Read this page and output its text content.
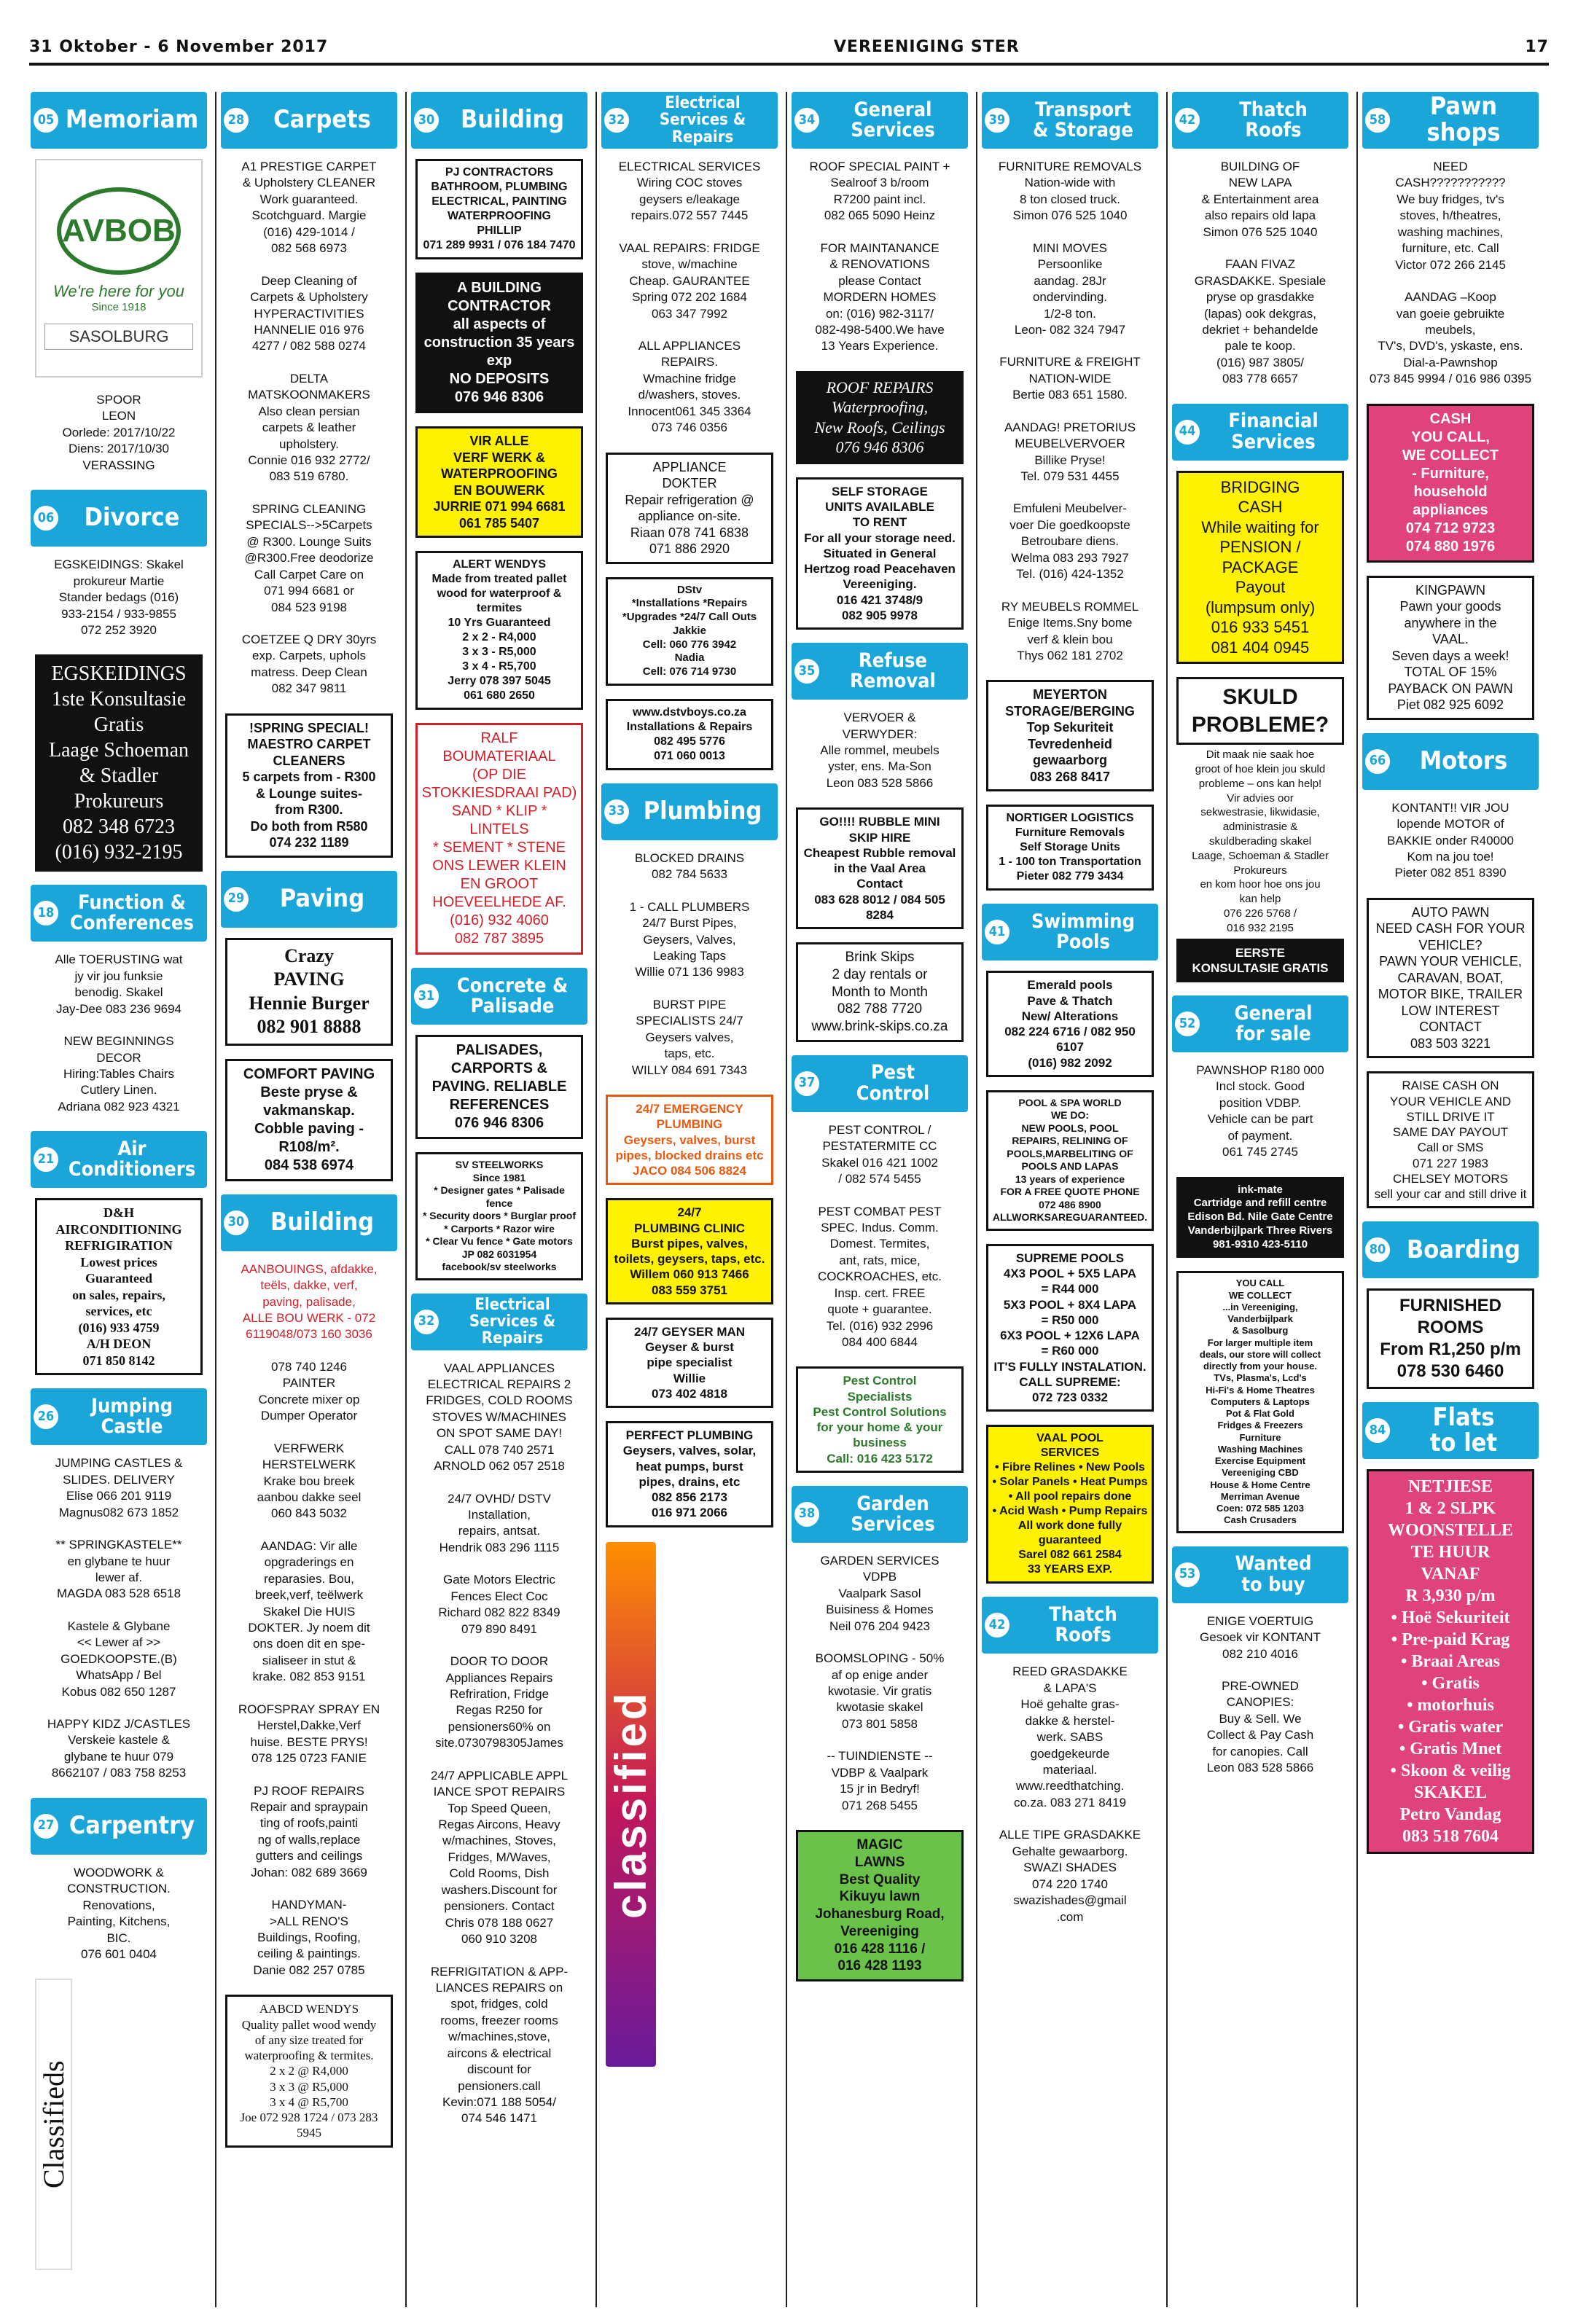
31 Oktober - 6 November 2017	VEREENIGING STER	17
05 Memoriam
AVBOB
We're here for you
Since 1918
SASOLBURG
SPOOR
LEON
Oorlede: 2017/10/22
Diens: 2017/10/30
VERASSING
06 Divorce
EGSKEIDINGS: Skakel
prokureur Martie
Stander bedags (016)
933-2154 / 933-9855
072 252 3920
EGSKEIDINGS
1ste Konsultasie
Gratis
Laage Schoeman
& Stadler
Prokureurs
082 348 6723
(016) 932-2195
18	Function &
Conferences
Alle TOERUSTING wat
jy vir jou funksie
benodig. Skakel
Jay-Dee 083 236 9694
NEW BEGINNINGS
DECOR
Hiring:Tables Chairs
Cutlery Linen.
Adriana 082 923 4321
21	Air
Conditioners
D&H
AIRCONDITIONING
REFRIGIRATION
Lowest prices
Guaranteed
on sales, repairs,
services, etc
(016) 933 4759
A/H DEON
071 850 8142
26 Jumping
Castle
JUMPING CASTLES &
SLIDES. DELIVERY
Elise 066 201 9119
Magnus082 673 1852
** SPRINGKASTELE**
en glybane te huur
lewer af.
MAGDA 083 528 6518
Kastele & Glybane
<< Lewer af >>
GOEDKOOPSTE.(B)
WhatsApp / Bel
Kobus 082 650 1287
HAPPY KIDZ J/CASTLES
Verskeie kastele &
glybane te huur 079
8662107 / 083 758 8253
27 Carpentry
WOODWORK &
CONSTRUCTION.
Renovations,
Painting, Kitchens,
BIC.
076 601 0404
Classifieds
28 Carpets
A1 PRESTIGE CARPET
& Upholstery CLEANER
Work guaranteed.
Scotchguard. Margie
(016) 429-1014 /
082 568 6973
Deep Cleaning of
Carpets & Upholstery
HYPERACTIVITIES
HANNELIE 016 976
4277 / 082 588 0274
DELTA
MATSKOONMAKERS
Also clean persian
carpets & leather
upholstery.
Connie 016 932 2772/
083 519 6780.
SPRING CLEANING
SPECIALS-->5Carpets
@ R300. Lounge Suits
@R300.Free deodorize
Call Carpet Care on
071 994 6681 or
084 523 9198
COETZEE Q DRY 30yrs
exp. Carpets, uphols
matress. Deep Clean
082 347 9811
!SPRING SPECIAL!
MAESTRO CARPET
CLEANERS
5 carpets from - R300
& Lounge suites-
from R300.
Do both from R580
074 232 1189
29 Paving
Crazy
PAVING
Hennie Burger
082 901 8888
COMFORT PAVING
Beste pryse &
vakmanskap.
Cobble paving - R108/m².
084 538 6974
30 Building
AANBOUINGS, afdakke,
teëls, dakke, verf,
paving, palisade,
ALLE BOU WERK - 072
6119048/073 160 3036
078 740 1246
PAINTER
Concrete mixer op
Dumper Operator
VERFWERK
HERSTELWERK
Krake bou breek
aanbou dakke seel
060 843 5032
AANDAG: Vir alle
opgraderings en
reparasies. Bou,
breek,verf, teëlwerk
Skakel Die HUIS
DOKTER. Jy noem dit
ons doen dit en spe-
sialiseer in stut &
krake. 082 853 9151
ROOFSPRAY SPRAY EN
Herstel,Dakke,Verf
huise. BESTE PRYS!
078 125 0723 FANIE
PJ ROOF REPAIRS
Repair and spraypain
ting of roofs,painti
ng of walls,replace
gutters and ceilings
Johan: 082 689 3669
HANDYMAN-
>ALL RENO'S
Buildings, Roofing,
ceiling & paintings.
Danie 082 257 0785
AABCD WENDYS
Quality pallet wood wendy
of any size treated for
waterproofing & termites.
2 x 2 @ R4,000
3 x 3 @ R5,000
3 x 4 @ R5,700
Joe 072 928 1724 / 073 283 5945
30 Building
PJ CONTRACTORS
BATHROOM, PLUMBING
ELECTRICAL, PAINTING
WATERPROOFING
PHILLIP
071 289 9931 / 076 184 7470
A BUILDING CONTRACTOR
all aspects of
construction 35 years exp
NO DEPOSITS
076 946 8306
VIR ALLE
VERF WERK &
WATERPROOFING
EN BOUWERK
JURRIE 071 994 6681
061 785 5407
ALERT WENDYS
Made from treated pallet
wood for waterproof &
termites
10 Yrs Guaranteed
2 x 2 - R4,000
3 x 3 - R5,000
3 x 4 - R5,700
Jerry 078 397 5045
061 680 2650
RALF
BOUMATERIAAL
(OP DIE
STOKKIESDRAAI PAD)
SAND * KLIP * LINTELS
* SEMENT * STENE
ONS LEWER KLEIN
EN GROOT
HOEVEELHEDE AF.
(016) 932 4060
082 787 3895
31 Concrete &
Palisade
PALISADES,
CARPORTS &
PAVING. RELIABLE
REFERENCES
076 946 8306
SV STEELWORKS
Since 1981
* Designer gates * Palisade fence
* Security doors * Burglar proof
* Carports * Razor wire
* Clear Vu fence * Gate motors
JP 082 6031954
facebook/sv steelworks
32
Electrical
Services &
Repairs
VAAL APPLIANCES
ELECTRICAL REPAIRS 2
FRIDGES, COLD ROOMS
STOVES W/MACHINES
ON SPOT SAME DAY!
CALL 078 740 2571
ARNOLD 062 057 2518
24/7 OVHD/ DSTV
Installation,
repairs, antsat.
Hendrik 083 296 1115
Gate Motors Electric
Fences Elect Coc
Richard 082 822 8349
079 890 8491
DOOR TO DOOR
Appliances Repairs
Refriration, Fridge
Regas R250 for
pensioners60% on
site.0730798305James
24/7 APPLICABLE APPL
IANCE SPOT REPAIRS
Top Speed Queen,
Regas Aircons, Heavy
w/machines, Stoves,
Fridges, M/Waves,
Cold Rooms, Dish
washers.Discount for
pensioners. Contact
Chris 078 188 0627
060 910 3208
REFRIGITATION & APP-
LIANCES REPAIRS on
spot, fridges, cold
rooms, freezer rooms
w/machines,stove,
aircons & electrical
discount for
pensioners.call
Kevin:071 188 5054/
074 546 1471
32
Electrical
Services &
Repairs
ELECTRICAL SERVICES
Wiring COC stoves
geysers e/leakage
repairs.072 557 7445
VAAL REPAIRS: FRIDGE
stove, w/machine
Cheap. GAURANTEE
Spring 072 202 1684
063 347 7992
ALL APPLIANCES
REPAIRS.
Wmachine fridge
d/washers, stoves.
Innocent061 345 3364
073 746 0356
APPLIANCE
DOKTER
Repair refrigeration @
appliance on-site.
Riaan 078 741 6838
071 886 2920
DStv
*Installations *Repairs
*Upgrades *24/7 Call Outs
Jakkie
Cell: 060 776 3942
Nadia
Cell: 076 714 9730
www.dstvboys.co.za
Installations & Repairs
082 495 5776
071 060 0013
33 Plumbing
BLOCKED DRAINS
082 784 5633
1 - CALL PLUMBERS
24/7 Burst Pipes,
Geysers, Valves,
Leaking Taps
Willie 071 136 9983
BURST PIPE
SPECIALISTS 24/7
Geysers valves,
taps, etc.
WILLY 084 691 7343
24/7 EMERGENCY
PLUMBING
Geysers, valves, burst
pipes, blocked drains etc
JACO 084 506 8824
24/7
PLUMBING CLINIC
Burst pipes, valves,
toilets, geysers, taps, etc.
Willem 060 913 7466
083 559 3751
24/7 GEYSER MAN
Geyser & burst
pipe specialist
Willie
073 402 4818
PERFECT PLUMBING
Geysers, valves, solar,
heat pumps, burst
pipes, drains, etc
082 856 2173
016 971 2066
classified
34 General
Services
ROOF SPECIAL PAINT +
Sealroof 3 b/room
R7200 paint incl.
082 065 5090 Heinz
FOR MAINTANANCE
& RENOVATIONS
please Contact
MORDERN HOMES
on: (016) 982-3117/
082-498-5400.We have
13 Years Experience.
ROOF REPAIRS
Waterproofing,
New Roofs, Ceilings
076 946 8306
SELF STORAGE
UNITS AVAILABLE
TO RENT
For all your storage need.
Situated in General
Hertzog road Peacehaven
Vereeniging.
016 421 3748/9
082 905 9978
35	Refuse
Removal
VERVOER &
VERWYDER:
Alle rommel, meubels
yster, ens. Ma-Son
Leon 083 528 5866
GO!!!! RUBBLE MINI
SKIP HIRE
Cheapest Rubble removal
in the Vaal Area
Contact
083 628 8012 / 084 505 8284
Brink Skips
2 day rentals or
Month to Month
082 788 7720
www.brink-skips.co.za
37	Pest
Control
PEST CONTROL /
PESTATERMITE CC
Skakel 016 421 1002
/ 082 574 5455
PEST COMBAT PEST
SPEC. Indus. Comm.
Domest. Termites,
ant, rats, mice,
COCKROACHES, etc.
Insp. cert. FREE
quote + guarantee.
Tel. (016) 932 2996
084 400 6844
Pest Control
Specialists
Pest Control Solutions
for your home & your
business
Call: 016 423 5172
38 Garden
Services
GARDEN SERVICES
VDPB
Vaalpark Sasol
Buisiness & Homes
Neil 076 204 9423
BOOMSLOPING - 50%
af op enige ander
kwotasie. Vir gratis
kwotasie skakel
073 801 5858
-- TUINDIENSTE --
VDBP & Vaalpark
15 jr in Bedryf!
071 268 5455
MAGIC
LAWNS
Best Quality
Kikuyu lawn
Johanesburg Road,
Vereeniging
016 428 1116 /
016 428 1193
39 Transport
& Storage
FURNITURE REMOVALS
Nation-wide with
8 ton closed truck.
Simon 076 525 1040
MINI MOVES
Persoonlike
aandag. 28Jr
ondervinding.
1/2-8 ton.
Leon- 082 324 7947
FURNITURE & FREIGHT
NATION-WIDE
Bertie 083 651 1580.
AANDAG! PRETORIUS
MEUBELVERVOER
Billike Pryse!
Tel. 079 531 4455
Emfuleni Meubelver-
voer Die goedkoopste
Betroubare diens.
Welma 083 293 7927
Tel. (016) 424-1352
RY MEUBELS ROMMEL
Enige Items.Sny bome
verf & klein bou
Thys 062 181 2702
MEYERTON
STORAGE/BERGING
Top Sekuriteit
Tevredenheid gewaarborg
083 268 8417
NORTIGER LOGISTICS
Furniture Removals
Self Storage Units
1 - 100 ton Transportation
Pieter 082 779 3434
41 Swimming
Pools
Emerald pools
Pave & Thatch
New/ Alterations
082 224 6716 / 082 950 6107
(016) 982 2092
POOL & SPA WORLD
WE DO:
NEW POOLS, POOL
REPAIRS, RELINING OF
POOLS,MARBELITING OF
POOLS AND LAPAS
13 years of experience
FOR A FREE QUOTE PHONE
072 486 8900
ALLWORKSAREGUARANTEED.
SUPREME POOLS
4X3 POOL + 5X5 LAPA
= R44 000
5X3 POOL + 8X4 LAPA
= R50 000
6X3 POOL + 12X6 LAPA
= R60 000
IT'S FULLY INSTALATION.
CALL SUPREME:
072 723 0332
VAAL POOL
SERVICES
• Fibre Relines • New Pools
• Solar Panels • Heat Pumps
• All pool repairs done
• Acid Wash • Pump Repairs
All work done fully
guaranteed
Sarel 082 661 2584
33 YEARS EXP.
42 Thatch
Roofs
REED GRASDAKKE
& LAPA'S
Hoë gehalte gras-
dakke & herstel-
werk. SABS
goedgekeurde
materiaal.
www.reedthatching.
co.za. 083 271 8419
ALLE TIPE GRASDAKKE
Gehalte gewaarborg.
SWAZI SHADES
074 220 1740
swazishades@gmail
.com
42 Thatch
Roofs
BUILDING OF
NEW LAPA
& Entertainment area
also repairs old lapa
Simon 076 525 1040
FAAN FIVAZ
GRASDAKKE. Spesiale
pryse op grasdakke
(lapas) ook dekgras,
dekriet + behandelde
pale te koop.
(016) 987 3805/
083 778 6657
44 Financial
Services
BRIDGING
CASH
While waiting for
PENSION / PACKAGE
Payout
(lumpsum only)
016 933 5451
081 404 0945
SKULD
PROBLEME?
Dit maak nie saak hoe
groot of hoe klein jou skuld
probleme – ons kan help!
Vir advies oor
sekwestrasie, likwidasie,
administrasie &
skuldberading skakel
Laage, Schoeman & Stadler
Prokureurs
en kom hoor hoe ons jou
kan help
076 226 5768 /
016 932 2195
EERSTE
KONSULTASIE GRATIS
52 General
for sale
PAWNSHOP R180 000
Incl stock. Good
position VDBP.
Vehicle can be part
of payment.
061 745 2745
ink-mate
Cartridge and refill centre
Edison Bd. Nile Gate Centre
Vanderbijlpark Three Rivers
981-9310 423-5110
YOU CALL
WE COLLECT
...in Vereeniging,
Vanderbijlpark
& Sasolburg
For larger multiple item
deals, our store will collect
directly from your house.
TVs, Plasma's, Lcd's
Hi-Fi's & Home Theatres
Computers & Laptops
Pot & Flat Gold
Fridges & Freezers
Furniture
Washing Machines
Exercise Equipment
Vereeniging CBD
House & Home Centre
Merriman Avenue
Coen: 072 585 1203
Cash Crusaders
53 Wanted
to buy
ENIGE VOERTUIG
Gesoek vir KONTANT
082 210 4016
PRE-OWNED
CANOPIES:
Buy & Sell. We
Collect & Pay Cash
for canopies. Call
Leon 083 528 5866
58 Pawn
shops
NEED
CASH???????????
We buy fridges, tv's
stoves, h/theatres,
washing machines,
furniture, etc. Call
Victor 072 266 2145
AANDAG –Koop
van goeie gebruikte
meubels,
TV's, DVD's, yskaste, ens.
Dial-a-Pawnshop
073 845 9994 / 016 986 0395
CASH
YOU CALL,
WE COLLECT
- Furniture,
household
appliances
074 712 9723
074 880 1976
KINGPAWN
Pawn your goods
anywhere in the
VAAL.
Seven days a week!
TOTAL OF 15%
PAYBACK ON PAWN
Piet 082 925 6092
66 Motors
KONTANT!! VIR JOU
lopende MOTOR of
BAKKIE onder R40000
Kom na jou toe!
Pieter 082 851 8390
AUTO PAWN
NEED CASH FOR YOUR
VEHICLE?
PAWN YOUR VEHICLE,
CARAVAN, BOAT,
MOTOR BIKE, TRAILER
LOW INTEREST
CONTACT
083 503 3221
RAISE CASH ON
YOUR VEHICLE AND
STILL DRIVE IT
SAME DAY PAYOUT
Call or SMS
071 227 1983
CHELSEY MOTORS
sell your car and still drive it
80 Boarding
FURNISHED
ROOMS
From R1,250 p/m
078 530 6460
84 Flats
to let
NETJIESE
1 & 2 SLPK
WOONSTELLE
TE HUUR
VANAF
R 3,930 p/m
• Hoë Sekuriteit
• Pre-paid Krag
• Braai Areas
• Gratis
• motorhuis
• Gratis water
• Gratis Mnet
• Skoon & veilig
SKAKEL
Petro Vandag
083 518 7604
